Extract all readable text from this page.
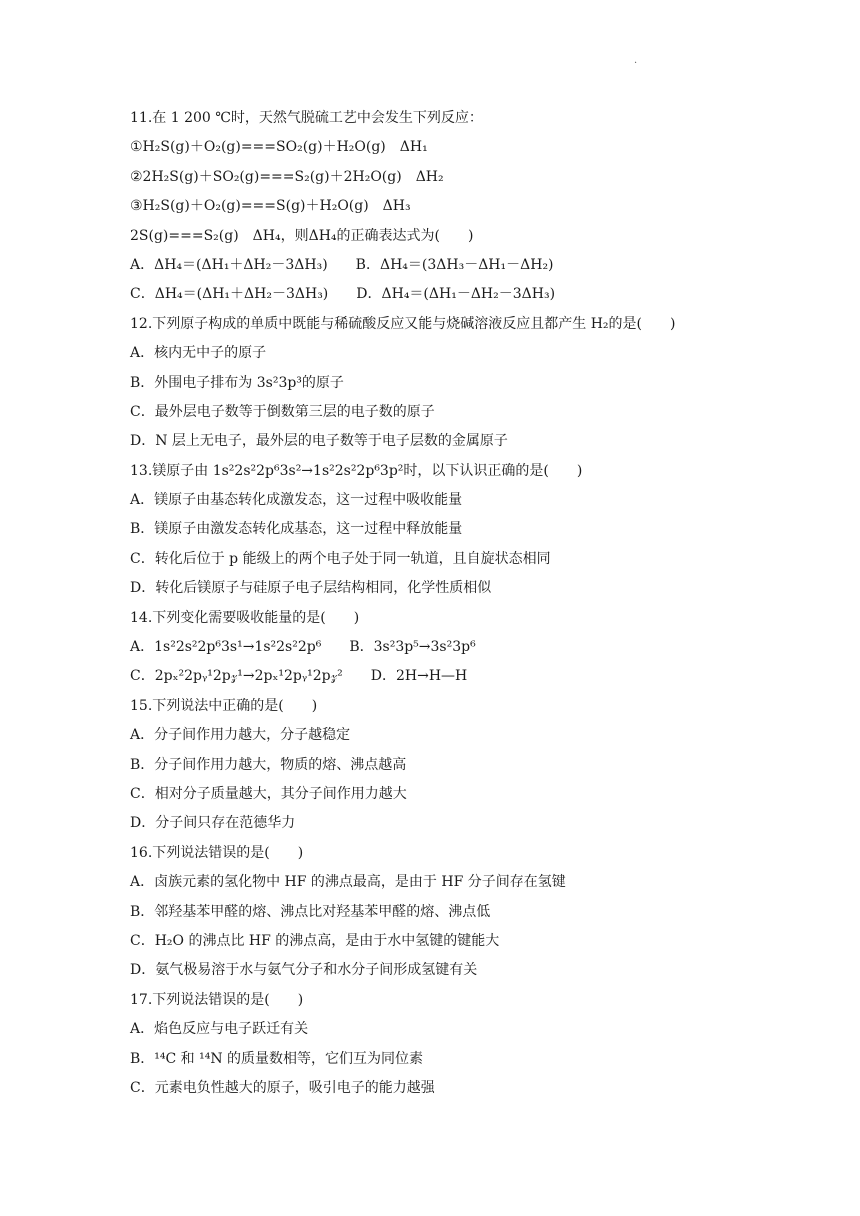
·
11.在 1 200 ℃时，天然气脱硫工艺中会发生下列反应：
①H₂S(g)＋O₂(g)===SO₂(g)＋H₂O(g)　ΔH₁
②2H₂S(g)＋SO₂(g)===S₂(g)＋2H₂O(g)　ΔH₂
③H₂S(g)＋O₂(g)===S(g)＋H₂O(g)　ΔH₃
2S(g)===S₂(g)　ΔH₄，则ΔH₄的正确表达式为(　　)
A．ΔH₄＝(ΔH₁＋ΔH₂－3ΔH₃)　　B．ΔH₄＝(3ΔH₃－ΔH₁－ΔH₂)
C．ΔH₄＝(ΔH₁＋ΔH₂－3ΔH₃)　　D．ΔH₄＝(ΔH₁－ΔH₂－3ΔH₃)
12.下列原子构成的单质中既能与稀硫酸反应又能与烧碱溶液反应且都产生 H₂的是(　　)
A．核内无中子的原子
B．外围电子排布为 3s²3p³的原子
C．最外层电子数等于倒数第三层的电子数的原子
D．N 层上无电子，最外层的电子数等于电子层数的金属原子
13.镁原子由 1s²2s²2p⁶3s²→1s²2s²2p⁶3p²时，以下认识正确的是(　　)
A．镁原子由基态转化成激发态，这一过程中吸收能量
B．镁原子由激发态转化成基态，这一过程中释放能量
C．转化后位于 p 能级上的两个电子处于同一轨道，且自旋状态相同
D．转化后镁原子与硅原子电子层结构相同，化学性质相似
14.下列变化需要吸收能量的是(　　)
A．1s²2s²2p⁶3s¹→1s²2s²2p⁶　　B．3s²3p⁵→3s²3p⁶
C．2pₓ²2pᵧ¹2p𝓏¹→2pₓ¹2pᵧ¹2p𝓏²　　D．2H→H—H
15.下列说法中正确的是(　　)
A．分子间作用力越大，分子越稳定
B．分子间作用力越大，物质的熔、沸点越高
C．相对分子质量越大，其分子间作用力越大
D．分子间只存在范德华力
16.下列说法错误的是(　　)
A．卤族元素的氢化物中 HF 的沸点最高，是由于 HF 分子间存在氢键
B．邻羟基苯甲醛的熔、沸点比对羟基苯甲醛的熔、沸点低
C．H₂O 的沸点比 HF 的沸点高，是由于水中氢键的键能大
D．氨气极易溶于水与氨气分子和水分子间形成氢键有关
17.下列说法错误的是(　　)
A．焰色反应与电子跃迁有关
B．¹⁴C 和 ¹⁴N 的质量数相等，它们互为同位素
C．元素电负性越大的原子，吸引电子的能力越强
